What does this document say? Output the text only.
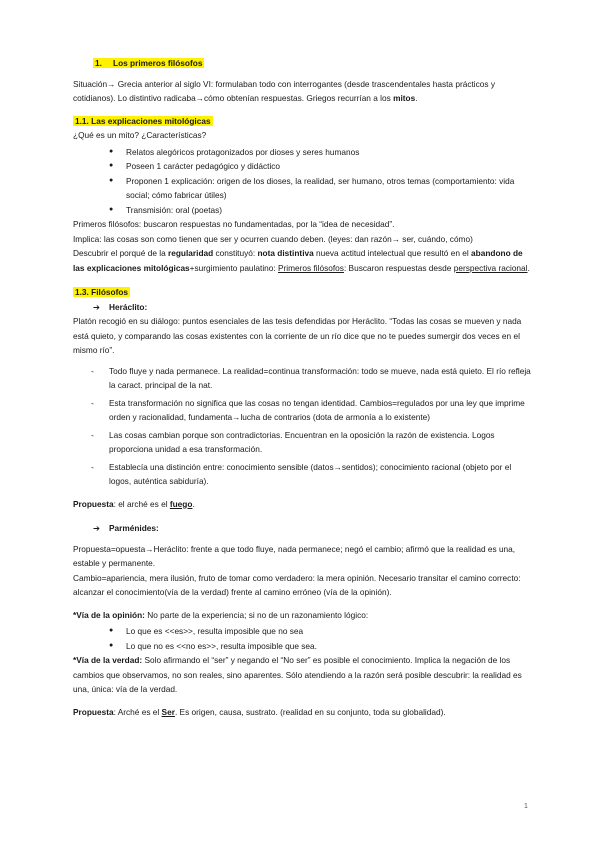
1. Los primeros filósofos

Situación→ Grecia anterior al siglo VI: formulaban todo con interrogantes (desde trascendentales hasta prácticos y cotidianos). Lo distintivo radicaba→cómo obtenían respuestas. Griegos recurrían a los mitos.

1.1. Las explicaciones mitológicas

¿Qué es un mito? ¿Características?

● Relatos alegóricos protagonizados por dioses y seres humanos
● Poseen 1 carácter pedagógico y didáctico
● Proponen 1 explicación: origen de los dioses, la realidad, ser humano, otros temas (comportamiento: vida social; cómo fabricar útiles)
● Transmisión: oral (poetas)

Primeros filósofos: buscaron respuestas no fundamentadas, por la “idea de necesidad”.

Implica: las cosas son como tienen que ser y ocurren cuando deben. (leyes: dan razón→ ser, cuándo, cómo)

Descubrir el porqué de la regularidad constituyó: nota distintiva nueva actitud intelectual que resultó en el abandono de las explicaciones mitológicas+surgimiento paulatino: Primeros filósofos: Buscaron respuestas desde perspectiva racional.

1.3. Filósofos

➔ Heráclito:

Platón recogió en su diálogo: puntos esenciales de las tesis defendidas por Heráclito. “Todas las cosas se mueven y nada está quieto, y comparando las cosas existentes con la corriente de un río dice que no te puedes sumergir dos veces en el mismo río”.

- Todo fluye y nada permanece. La realidad=continua transformación: todo se mueve, nada está quieto. El río refleja la caract. principal de la nat.
- Esta transformación no significa que las cosas no tengan identidad. Cambios=regulados por una ley que imprime orden y racionalidad, fundamenta→lucha de contrarios (dota de armonía a lo existente)
- Las cosas cambian porque son contradictorias. Encuentran en la oposición la razón de existencia. Logos proporciona unidad a esa transformación.
- Establecía una distinción entre: conocimiento sensible (datos→sentidos); conocimiento racional (objeto por el logos, auténtica sabiduría).

Propuesta: el arché es el fuego.

➔ Parménides:

Propuesta=opuesta→Heráclito: frente a que todo fluye, nada permanece; negó el cambio; afirmó que la realidad es una, estable y permanente.

Cambio=apariencia, mera ilusión, fruto de tomar como verdadero: la mera opinión. Necesario transitar el camino correcto: alcanzar el conocimiento(vía de la verdad) frente al camino erróneo (vía de la opinión).

*Vía de la opinión: No parte de la experiencia; si no de un razonamiento lógico:

● Lo que es <<es>>, resulta imposible que no sea
● Lo que no es <<no es>>, resulta imposible que sea.

*Vía de la verdad: Solo afirmando el “ser” y negando el “No ser” es posible el conocimiento. Implica la negación de los cambios que observamos, no son reales, sino aparentes. Sólo atendiendo a la razón será posible descubrir: la realidad es una, única: vía de la verdad.

Propuesta: Arché es el Ser. Es origen, causa, sustrato. (realidad en su conjunto, toda su globalidad).

1
